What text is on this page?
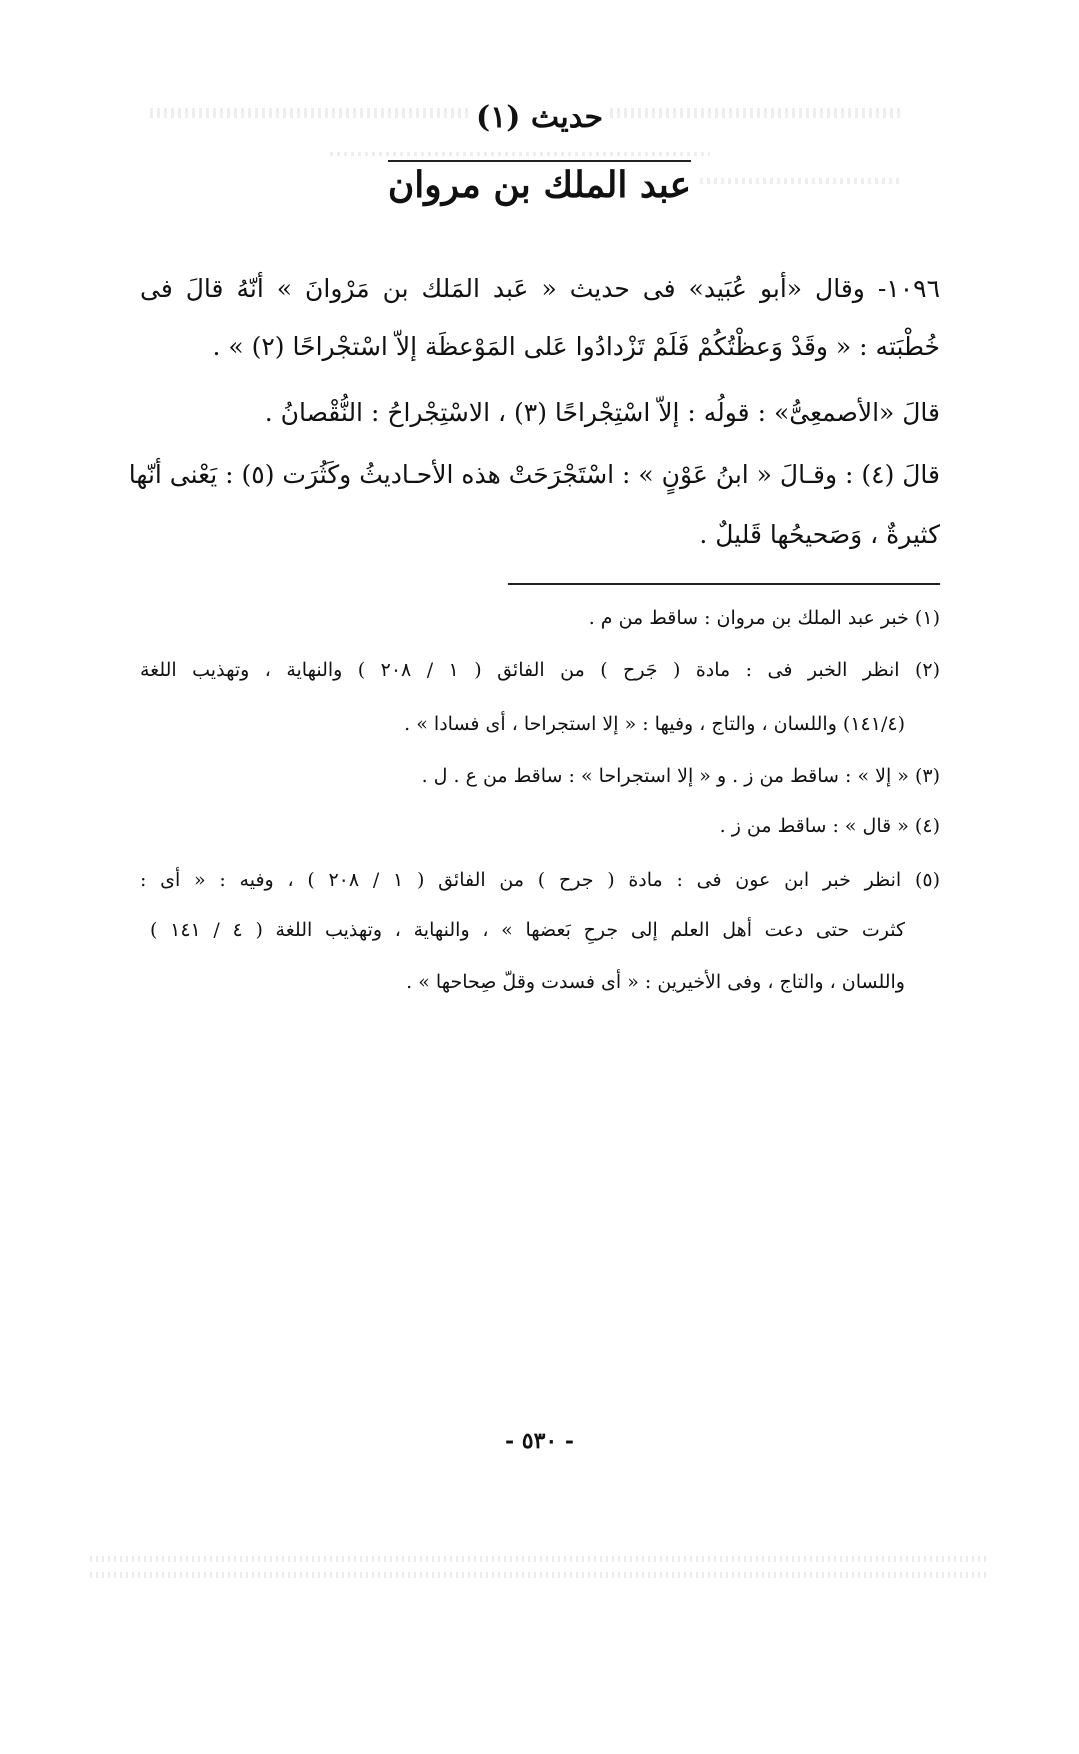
حديث (١)
عبد الملك بن مروان
١٠٩٦- وقال «أبو عُبَيد» فى حديث « عَبد المَلك بن مَرْوانَ » أنّهُ قالَ فى
خُطْبَته : « وقَدْ وَعظْتُكُمْ فَلَمْ تَزْدادُوا عَلى المَوْعظَة إلاّ اسْتجْراحًا (٢) » .
قالَ «الأصمعِىُّ» : قولُه : إلاّ اسْتِجْراحًا (٣) ، الاسْتِجْراحُ : النُّقْصانُ .
قالَ (٤) : وقـالَ « ابنُ عَوْنٍ » : اسْتَجْرَحَتْ هذه الأحـاديثُ وكَثُرَت (٥) : يَعْنى أنّها
كثيرةٌ ، وَصَحيحُها قَليلٌ .
(١) خبر عبد الملك بن مروان : ساقط من م .
(٢) انظر الخبر فى : مادة ( جَرح ) من الفائق ( ١ / ٢٠٨ ) والنهاية ، وتهذيب اللغة
(١٤١/٤) واللسان ، والتاج ، وفيها : « إلا استجراحا ، أى فسادا » .
(٣) « إلا » : ساقط من ز . و « إلا استجراحا » : ساقط من ع . ل .
(٤) « قال » : ساقط من ز .
(٥) انظر خبر ابن عون فى : مادة ( جرح ) من الفائق ( ١ / ٢٠٨ ) ، وفيه : « أى :
كثرت حتى دعت أهل العلم إلى جرحِ بَعضها » ، والنهاية ، وتهذيب اللغة ( ٤ / ١٤١ )
واللسان ، والتاج ، وفى الأخيرين : « أى فسدت وقلّ صِحاحها » .
- ٥٣٠ -
